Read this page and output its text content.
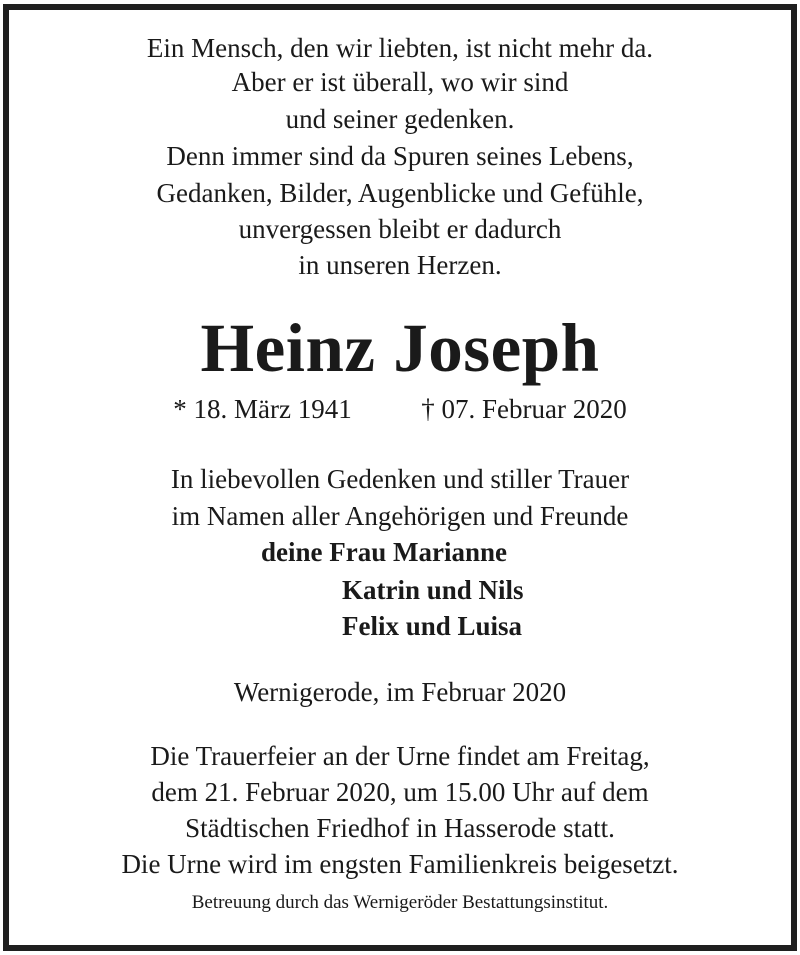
Ein Mensch, den wir liebten, ist nicht mehr da.
Aber er ist überall, wo wir sind
und seiner gedenken.
Denn immer sind da Spuren seines Lebens,
Gedanken, Bilder, Augenblicke und Gefühle,
unvergessen bleibt er dadurch
in unseren Herzen.
Heinz Joseph
* 18. März 1941	† 07. Februar 2020
In liebevollen Gedenken und stiller Trauer
im Namen aller Angehörigen und Freunde
deine Frau Marianne
Katrin und Nils
Felix und Luisa
Wernigerode, im Februar 2020
Die Trauerfeier an der Urne findet am Freitag,
dem 21. Februar 2020, um 15.00 Uhr auf dem
Städtischen Friedhof in Hasserode statt.
Die Urne wird im engsten Familienkreis beigesetzt.
Betreuung durch das Wernigeröder Bestattungsinstitut.
